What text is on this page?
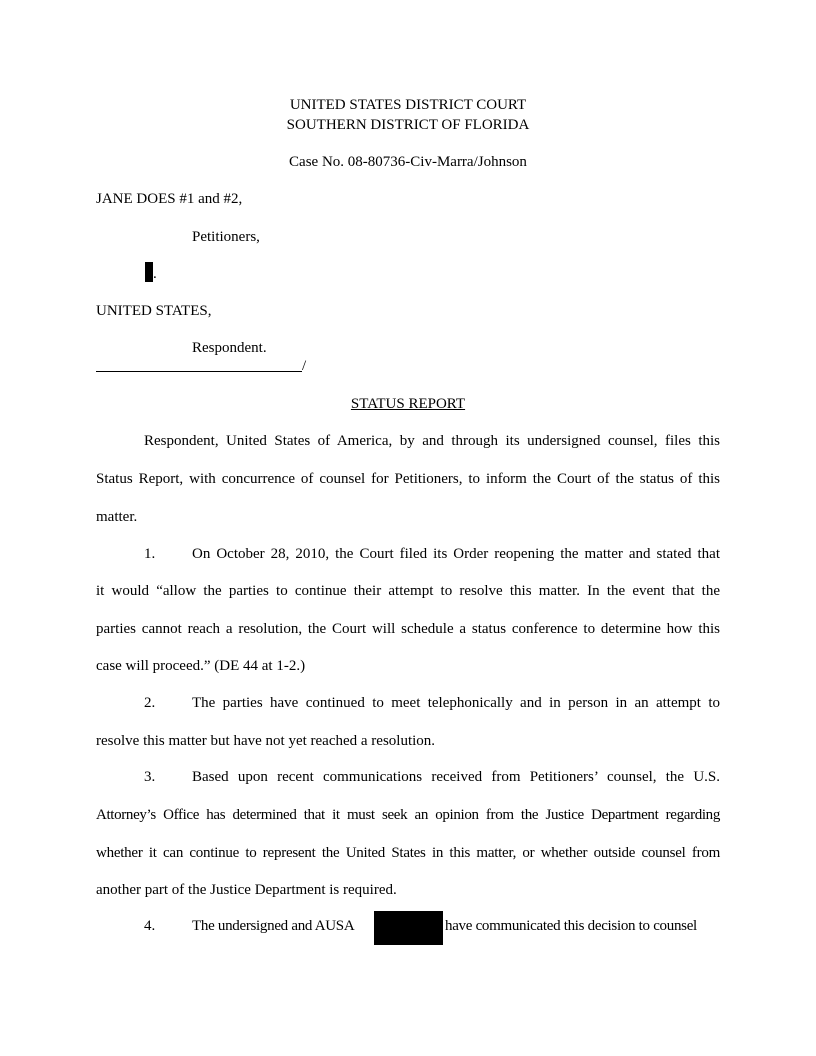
UNITED STATES DISTRICT COURT
SOUTHERN DISTRICT OF FLORIDA
Case No. 08-80736-Civ-Marra/Johnson
JANE DOES #1 and #2,
Petitioners,
.
UNITED STATES,
Respondent.
/
STATUS REPORT
Respondent, United States of America, by and through its undersigned counsel, files this
Status Report, with concurrence of counsel for Petitioners, to inform the Court of the status of this
matter.
1. On October 28, 2010, the Court filed its Order reopening the matter and stated that
it would “allow the parties to continue their attempt to resolve this matter. In the event that the
parties cannot reach a resolution, the Court will schedule a status conference to determine how this
case will proceed.” (DE 44 at 1-2.)
2. The parties have continued to meet telephonically and in person in an attempt to
resolve this matter but have not yet reached a resolution.
3. Based upon recent communications received from Petitioners’ counsel, the U.S.
Attorney’s Office has determined that it must seek an opinion from the Justice Department regarding
whether it can continue to represent the United States in this matter, or whether outside counsel from
another part of the Justice Department is required.
4. The undersigned and AUSA	have communicated this decision to counsel
